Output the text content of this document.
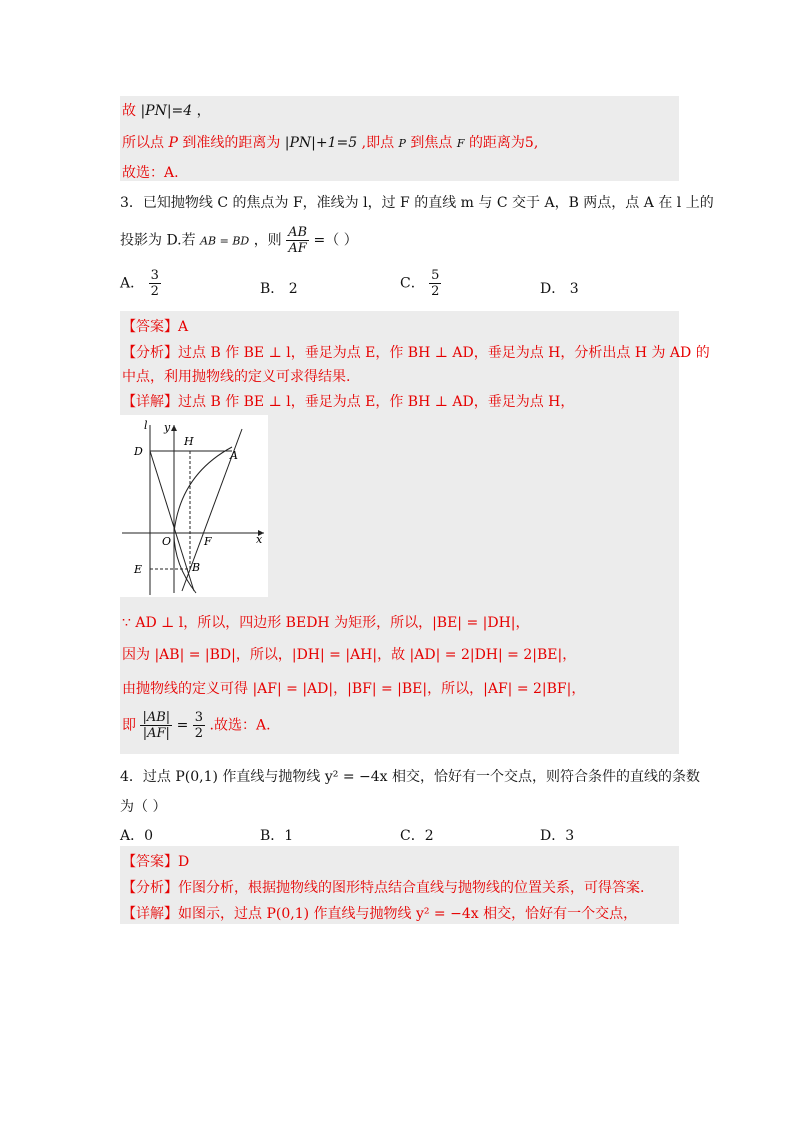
故 |PN|=4 ，
所以点 P 到准线的距离为 |PN|+1=5 ,即点 P 到焦点 F 的距离为5,
故选：A.
3．已知抛物线 C 的焦点为 F，准线为 l，过 F 的直线 m 与 C 交于 A，B 两点，点 A 在 l 上的
投影为 D.若 AB = BD ，则 $\frac{AB}{AF}$ =（ ）
A． $\frac{3}{2}$	B． 2	C． $\frac{5}{2}$	D． 3
【答案】A
【分析】过点 B 作 BE ⊥ l，垂足为点 E，作 BH ⊥ AD，垂足为点 H，分析出点 H 为 AD 的
中点，利用抛物线的定义可求得结果.
【详解】过点 B 作 BE ⊥ l，垂足为点 E，作 BH ⊥ AD，垂足为点 H，
l y
x
H
D	A
O	F
E	B
∵ AD ⊥ l，所以，四边形 BEDH 为矩形，所以，|BE| = |DH|，
因为 |AB| = |BD|，所以，|DH| = |AH|，故 |AD| = 2|DH| = 2|BE|，
由抛物线的定义可得 |AF| = |AD|，|BF| = |BE|，所以，|AF| = 2|BF|，
即 $\frac{|AB|}{|AF|} = \frac{3}{2}$ .故选：A.
4．过点 P(0,1) 作直线与抛物线 y² = −4x 相交，恰好有一个交点，则符合条件的直线的条数
为（ ）
A．0	B．1	C．2	D．3
【答案】D
【分析】作图分析，根据抛物线的图形特点结合直线与抛物线的位置关系，可得答案.
【详解】如图示，过点 P(0,1) 作直线与抛物线 y² = −4x 相交，恰好有一个交点，
